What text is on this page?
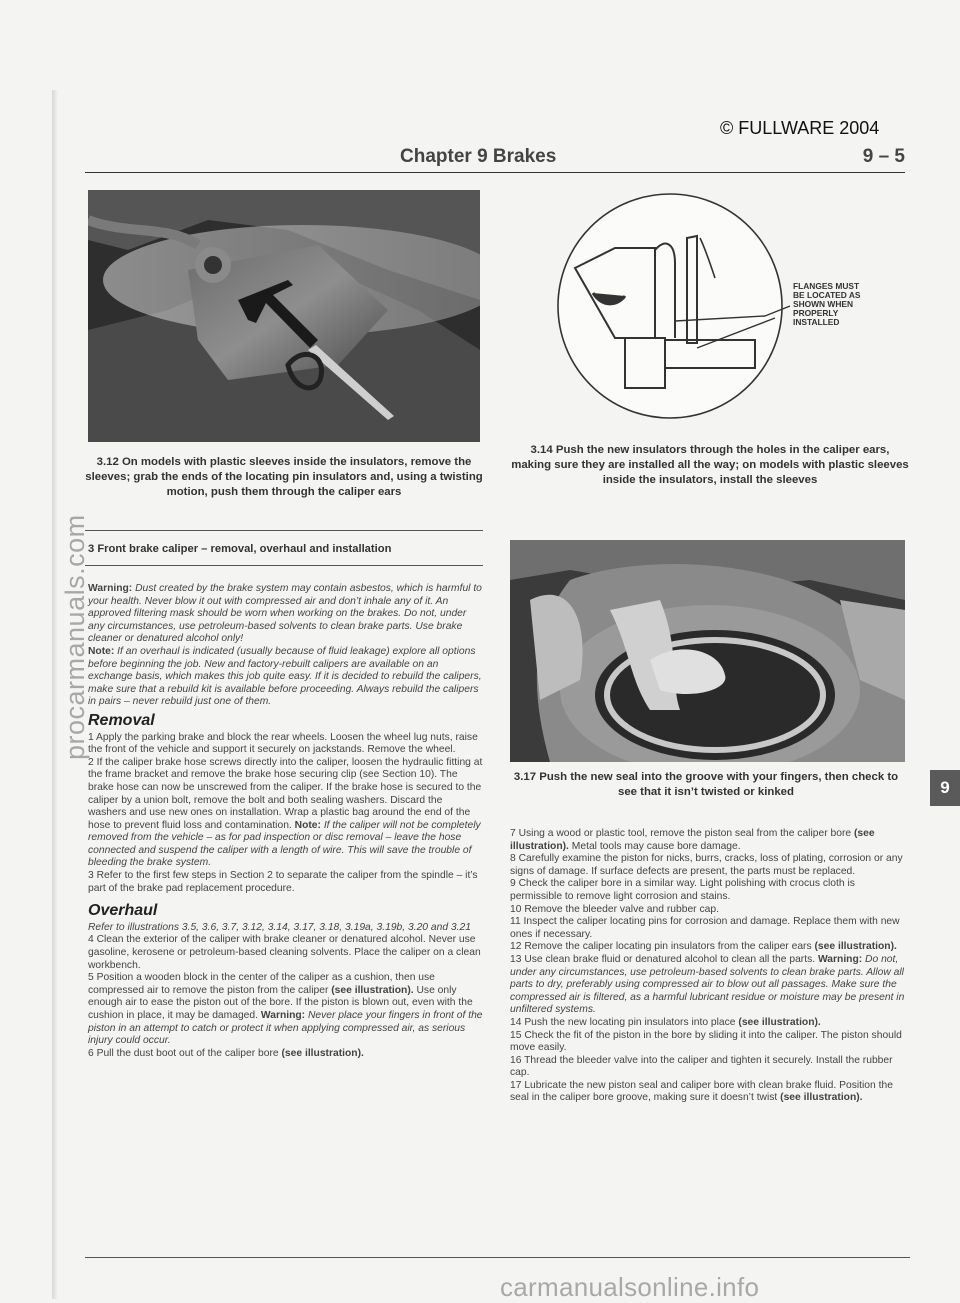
© FULLWARE 2004
Chapter 9 Brakes	9 – 5
3.12 On models with plastic sleeves inside the insulators, remove the sleeves; grab the ends of the locating pin insulators and, using a twisting motion, push them through the caliper ears
FLANGES MUST
BE LOCATED AS
SHOWN WHEN
PROPERLY
INSTALLED
3.14 Push the new insulators through the holes in the caliper ears, making sure they are installed all the way; on models with plastic sleeves inside the insulators, install the sleeves
3 Front brake caliper – removal, overhaul and installation
3.17 Push the new seal into the groove with your fingers, then check to see that it isn’t twisted or kinked

Warning: Dust created by the brake system may contain asbestos, which is harmful to your health. Never blow it out with compressed air and don’t inhale any of it. An approved filtering mask should be worn when working on the brakes. Do not, under any circumstances, use petroleum-based solvents to clean brake parts. Use brake cleaner or denatured alcohol only!

Note: If an overhaul is indicated (usually because of fluid leakage) explore all options before beginning the job. New and factory-rebuilt calipers are available on an exchange basis, which makes this job quite easy. If it is decided to rebuild the calipers, make sure that a rebuild kit is available before proceeding. Always rebuild the calipers in pairs – never rebuild just one of them.

Removal

1 Apply the parking brake and block the rear wheels. Loosen the wheel lug nuts, raise the front of the vehicle and support it securely on jackstands. Remove the wheel.

2 If the caliper brake hose screws directly into the caliper, loosen the hydraulic fitting at the frame bracket and remove the brake hose securing clip (see Section 10). The brake hose can now be unscrewed from the caliper. If the brake hose is secured to the caliper by a union bolt, remove the bolt and both sealing washers. Discard the washers and use new ones on installation. Wrap a plastic bag around the end of the hose to prevent fluid loss and contamination. Note: If the caliper will not be completely removed from the vehicle – as for pad inspection or disc removal – leave the hose connected and suspend the caliper with a length of wire. This will save the trouble of bleeding the brake system.

3 Refer to the first few steps in Section 2 to separate the caliper from the spindle – it’s part of the brake pad replacement procedure.

Overhaul

Refer to illustrations 3.5, 3.6, 3.7, 3.12, 3.14, 3.17, 3.18, 3.19a, 3.19b, 3.20 and 3.21

4 Clean the exterior of the caliper with brake cleaner or denatured alcohol. Never use gasoline, kerosene or petroleum-based cleaning solvents. Place the caliper on a clean workbench.

5 Position a wooden block in the center of the caliper as a cushion, then use compressed air to remove the piston from the caliper (see illustration). Use only enough air to ease the piston out of the bore. If the piston is blown out, even with the cushion in place, it may be damaged. Warning: Never place your fingers in front of the piston in an attempt to catch or protect it when applying compressed air, as serious injury could occur.

6 Pull the dust boot out of the caliper bore (see illustration).

7 Using a wood or plastic tool, remove the piston seal from the caliper bore (see illustration). Metal tools may cause bore damage.

8 Carefully examine the piston for nicks, burrs, cracks, loss of plating, corrosion or any signs of damage. If surface defects are present, the parts must be replaced.

9 Check the caliper bore in a similar way. Light polishing with crocus cloth is permissible to remove light corrosion and stains.

10 Remove the bleeder valve and rubber cap.

11 Inspect the caliper locating pins for corrosion and damage. Replace them with new ones if necessary.

12 Remove the caliper locating pin insulators from the caliper ears (see illustration).

13 Use clean brake fluid or denatured alcohol to clean all the parts. Warning: Do not, under any circumstances, use petroleum-based solvents to clean brake parts. Allow all parts to dry, preferably using compressed air to blow out all passages. Make sure the compressed air is filtered, as a harmful lubricant residue or moisture may be present in unfiltered systems.

14 Push the new locating pin insulators into place (see illustration).

15 Check the fit of the piston in the bore by sliding it into the caliper. The piston should move easily.

16 Thread the bleeder valve into the caliper and tighten it securely. Install the rubber cap.

17 Lubricate the new piston seal and caliper bore with clean brake fluid. Position the seal in the caliper bore groove, making sure it doesn’t twist (see illustration).

9
procarmanuals.com
carmanualsonline.info
